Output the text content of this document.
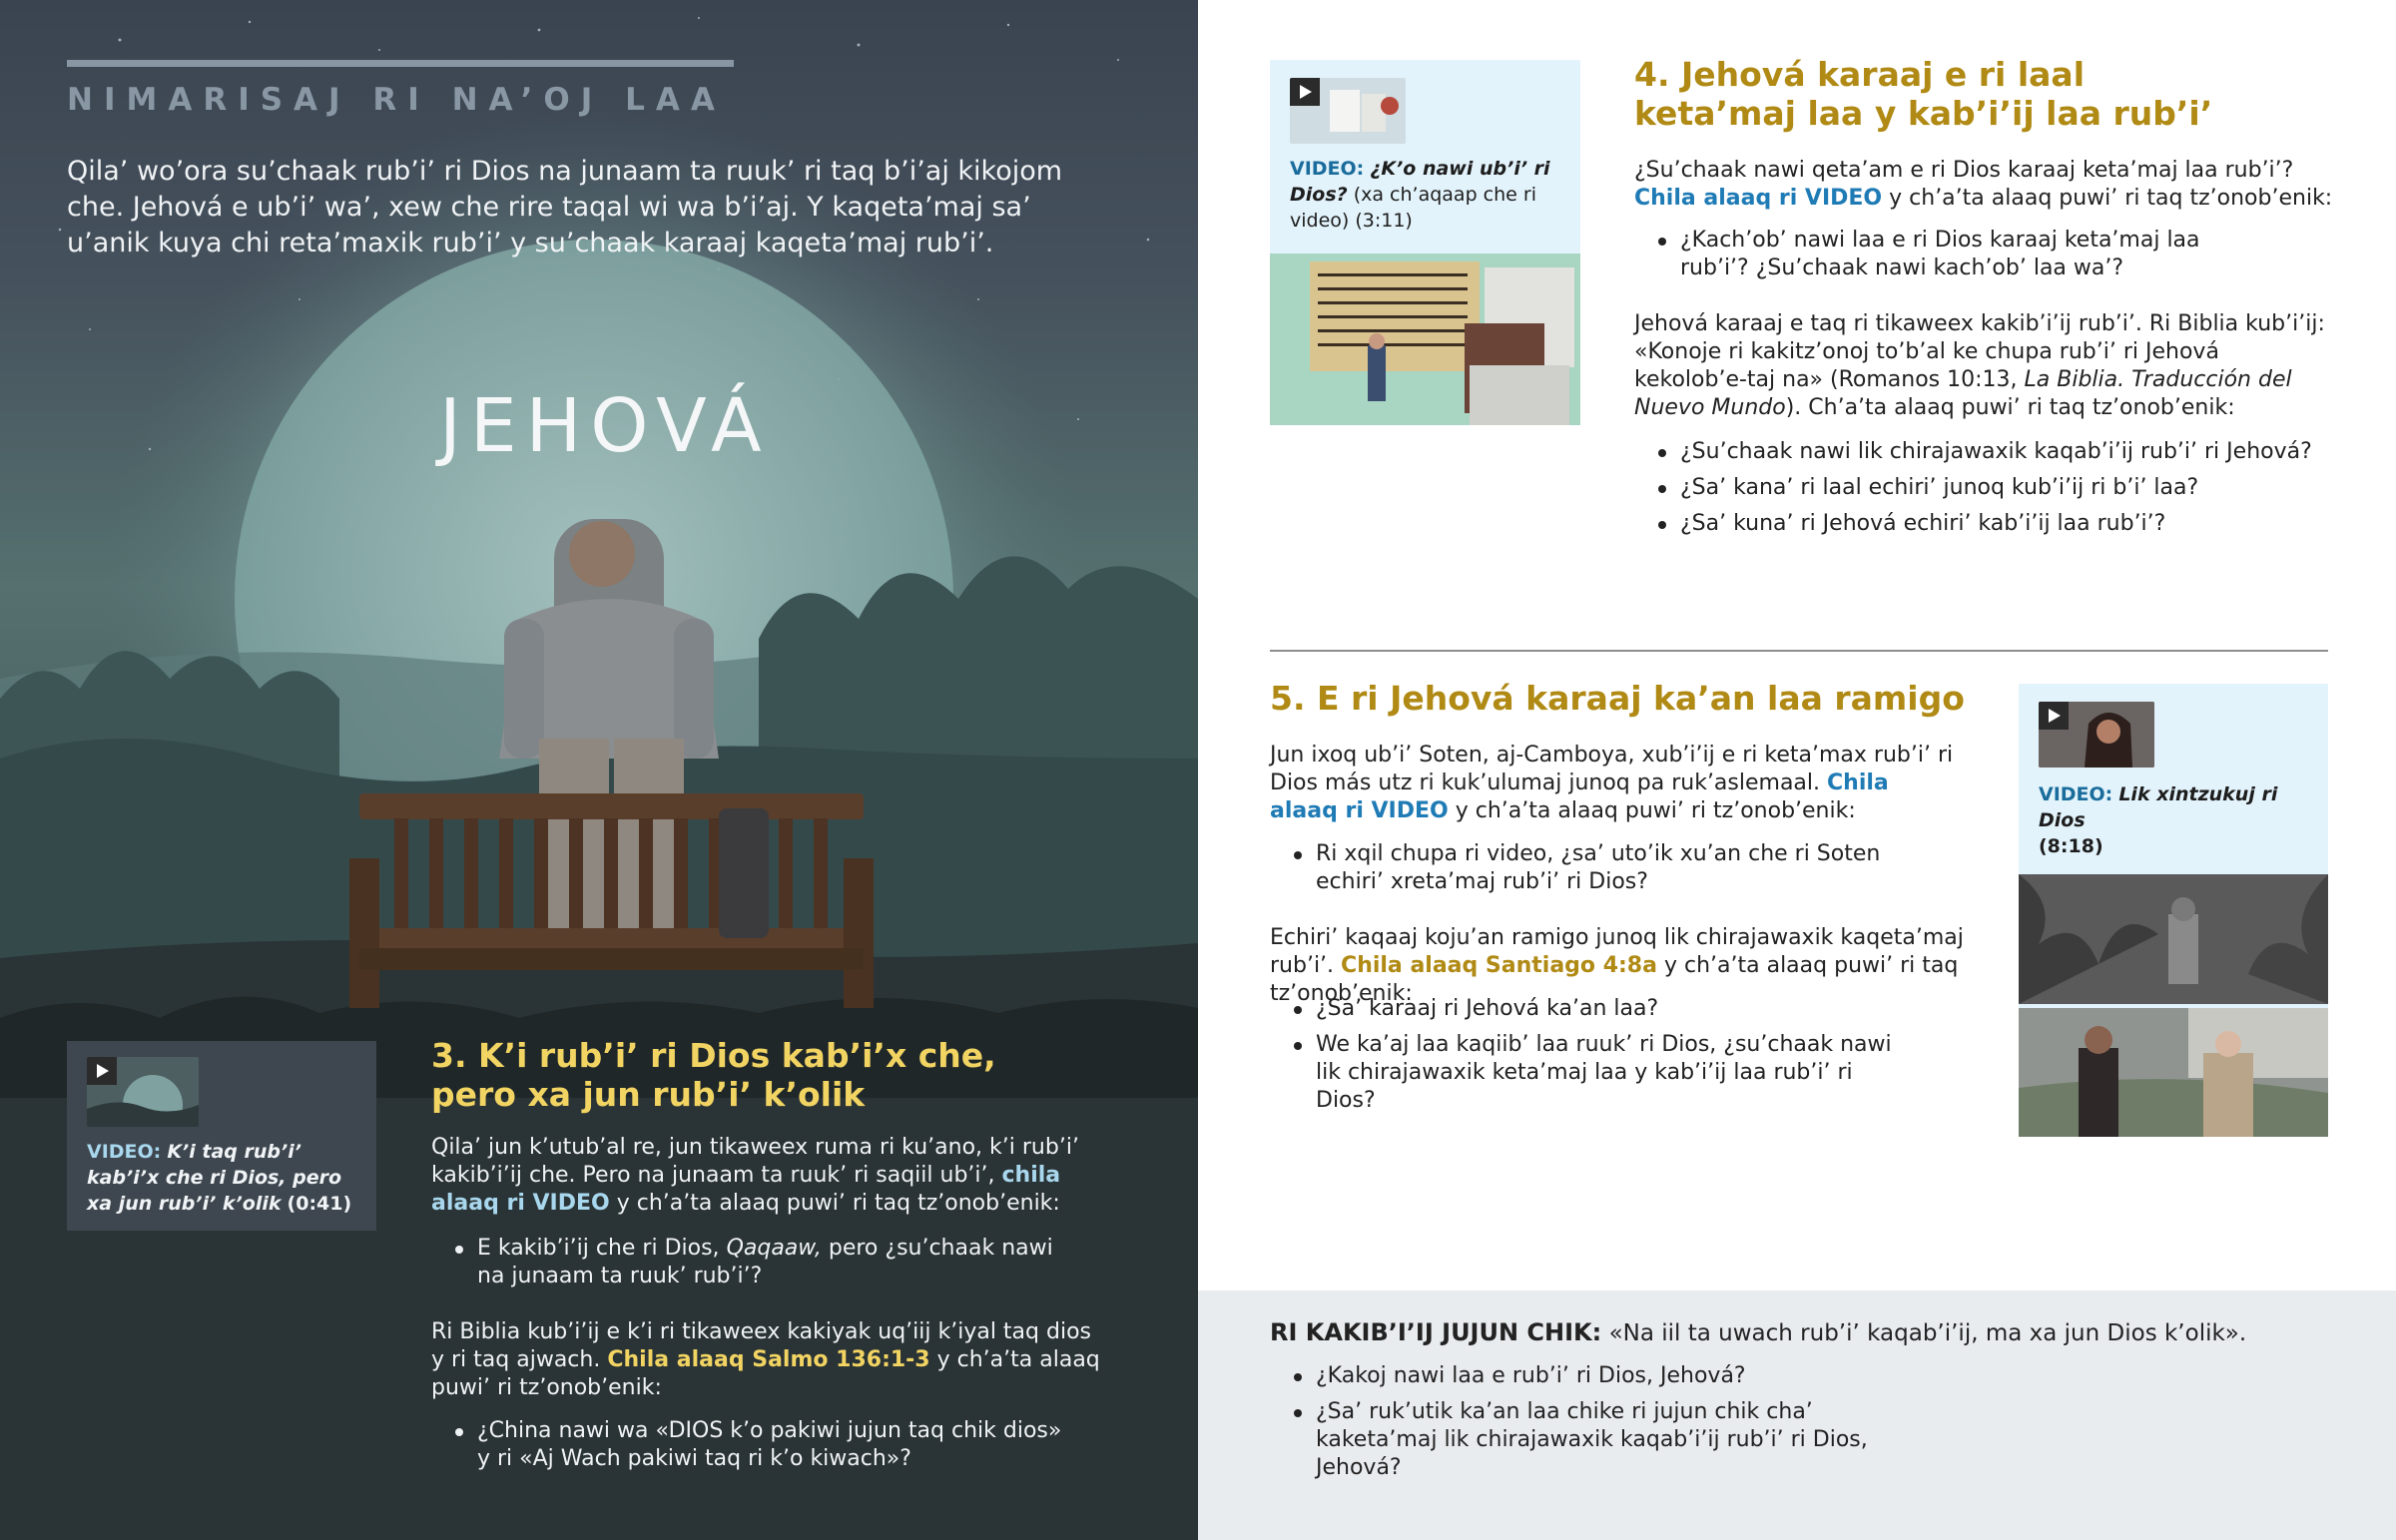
NIMARISAJ RI NA’OJ LAA
Qila’ wo’ora su’chaak rub’i’ ri Dios na junaam ta ruuk’ ri taq b’i’aj kikojom che. Jehová e ub’i’ wa’, xew che rire taqal wi wa b’i’aj. Y kaqeta’maj sa’ u’anik kuya chi reta’maxik rub’i’ y su’chaak karaaj kaqeta’maj rub’i’.
JEHOVÁ
VIDEO: K’i taq rub’i’ kab’i’x che ri Dios, pero xa jun rub’i’ k’olik (0:41)
3. K’i rub’i’ ri Dios kab’i’x che,
pero xa jun rub’i’ k’olik
Qila’ jun k’utub’al re, jun tikaweex ruma ri ku’ano, k’i rub’i’ kakib’i’ij che. Pero na junaam ta ruuk’ ri saqiil ub’i’, chila alaaq ri VIDEO y ch’a’ta alaaq puwi’ ri taq tz’onob’enik:
E kakib’i’ij che ri Dios, Qaqaaw, pero ¿su’chaak nawi na junaam ta ruuk’ rub’i’?
Ri Biblia kub’i’ij e k’i ri tikaweex kakiyak uq’iij k’iyal taq dios y ri taq ajwach. Chila alaaq Salmo 136:1-3 y ch’a’ta alaaq puwi’ ri tz’onob’enik:
¿China nawi wa «DIOS k’o pakiwi jujun taq chik dios» y ri «Aj Wach pakiwi taq ri k’o kiwach»?
VIDEO: ¿K’o nawi ub’i’ ri Dios? (xa ch’aqaap che ri video) (3:11)
4. Jehová karaaj e ri laal
keta’maj laa y kab’i’ij laa rub’i’
¿Su’chaak nawi qeta’am e ri Dios karaaj keta’maj laa rub’i’? Chila alaaq ri VIDEO y ch’a’ta alaaq puwi’ ri taq tz’onob’enik:
¿Kach’ob’ nawi laa e ri Dios karaaj keta’maj laa rub’i’? ¿Su’chaak nawi kach’ob’ laa wa’?
Jehová karaaj e taq ri tikaweex kakib’i’ij rub’i’. Ri Biblia kub’i’ij: «Konoje ri kakitz’onoj to’b’al ke chupa rub’i’ ri Jehová kekolob’e-taj na» (Romanos 10:13, La Biblia. Traducción del Nuevo Mundo). Ch’a’ta alaaq puwi’ ri taq tz’onob’enik:
¿Su’chaak nawi lik chirajawaxik kaqab’i’ij rub’i’ ri Jehová?
¿Sa’ kana’ ri laal echiri’ junoq kub’i’ij ri b’i’ laa?
¿Sa’ kuna’ ri Jehová echiri’ kab’i’ij laa rub’i’?
5. E ri Jehová karaaj ka’an laa ramigo
Jun ixoq ub’i’ Soten, aj-Camboya, xub’i’ij e ri keta’max rub’i’ ri Dios más utz ri kuk’ulumaj junoq pa ruk’aslemaal. Chila alaaq ri VIDEO y ch’a’ta alaaq puwi’ ri tz’onob’enik:
Ri xqil chupa ri video, ¿sa’ uto’ik xu’an che ri Soten echiri’ xreta’maj rub’i’ ri Dios?
Echiri’ kaqaaj koju’an ramigo junoq lik chirajawaxik kaqeta’maj rub’i’. Chila alaaq Santiago 4:8a y ch’a’ta alaaq puwi’ ri taq tz’onob’enik:
¿Sa’ karaaj ri Jehová ka’an laa?
We ka’aj laa kaqiib’ laa ruuk’ ri Dios, ¿su’chaak nawi lik chirajawaxik keta’maj laa y kab’i’ij laa rub’i’ ri Dios?
VIDEO: Lik xintzukuj ri Dios
(8:18)
RI KAKIB’I’IJ JUJUN CHIK: «Na iil ta uwach rub’i’ kaqab’i’ij, ma xa jun Dios k’olik».
¿Kakoj nawi laa e rub’i’ ri Dios, Jehová?
¿Sa’ ruk’utik ka’an laa chike ri jujun chik cha’ kaketa’maj lik chirajawaxik kaqab’i’ij rub’i’ ri Dios, Jehová?
